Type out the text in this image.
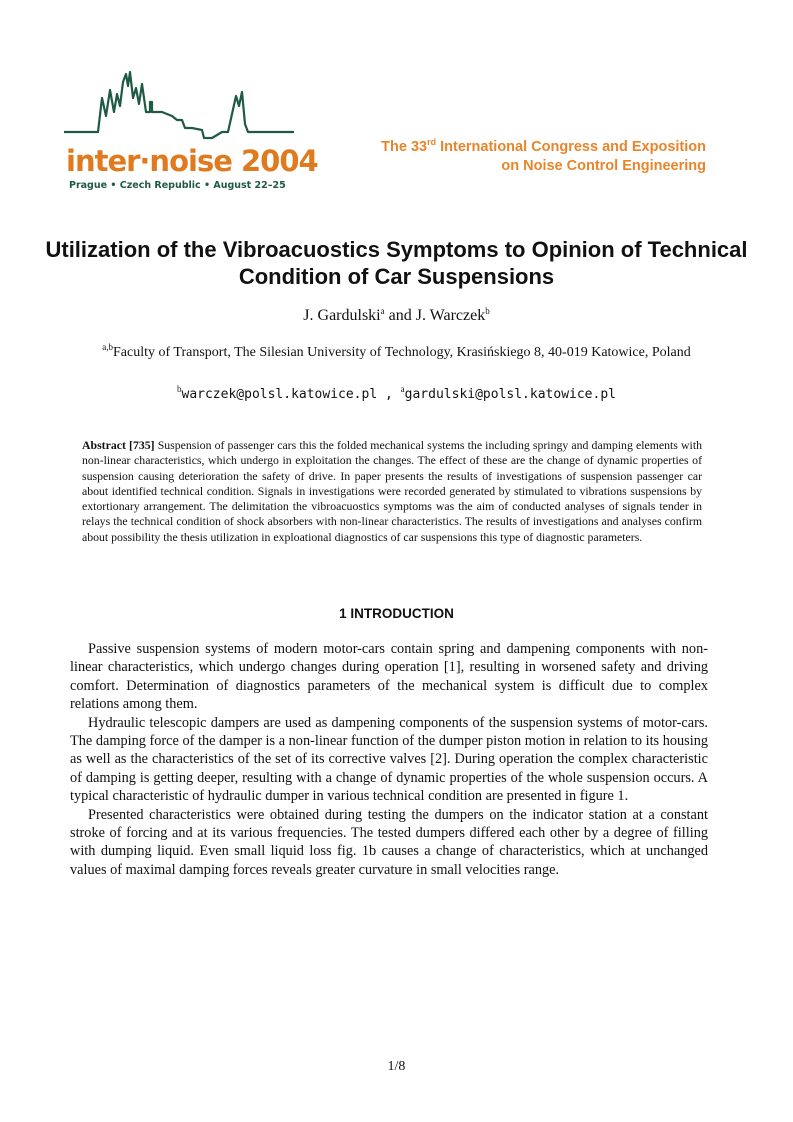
inter·noise 2004
Prague • Czech Republic • August 22–25
The 33rd International Congress and Exposition
on Noise Control Engineering
Utilization of the Vibroacuostics Symptoms to Opinion of Technical Condition of Car Suspensions
J. Gardulski$^a$ and J. Warczek$^b$
$^{a,b}$Faculty of Transport, The Silesian University of Technology, Krasińskiego 8, 40-019 Katowice, Poland
$^b$warczek@polsl.katowice.pl , $^a$gardulski@polsl.katowice.pl
Abstract [735] Suspension of passenger cars this the folded mechanical systems the including springy and damping elements with non-linear characteristics, which undergo in exploitation the changes. The effect of these are the change of dynamic properties of suspension causing deterioration the safety of drive. In paper presents the results of investigations of suspension passenger car about identified technical condition. Signals in investigations were recorded generated by stimulated to vibrations suspensions by extortionary arrangement. The delimitation the vibroacuostics symptoms was the aim of conducted analyses of signals tender in relays the technical condition of shock absorbers with non-linear characteristics. The results of investigations and analyses confirm about possibility the thesis utilization in exploational diagnostics of car suspensions this type of diagnostic parameters.
1 INTRODUCTION

Passive suspension systems of modern motor-cars contain spring and dampening components with non-linear characteristics, which undergo changes during operation [1], resulting in worsened safety and driving comfort. Determination of diagnostics parameters of the mechanical system is difficult due to complex relations among them.

Hydraulic telescopic dampers are used as dampening components of the suspension systems of motor-cars. The damping force of the damper is a non-linear function of the dumper piston motion in relation to its housing as well as the characteristics of the set of its corrective valves [2]. During operation the complex characteristic of damping is getting deeper, resulting with a change of dynamic properties of the whole suspension occurs. A typical characteristic of hydraulic dumper in various technical condition are presented in figure 1.

Presented characteristics were obtained during testing the dumpers on the indicator station at a constant stroke of forcing and at its various frequencies. The tested dumpers differed each other by a degree of filling with dumping liquid. Even small liquid loss fig. 1b causes a change of characteristics, which at unchanged values of maximal damping forces reveals greater curvature in small velocities range.

1/8
